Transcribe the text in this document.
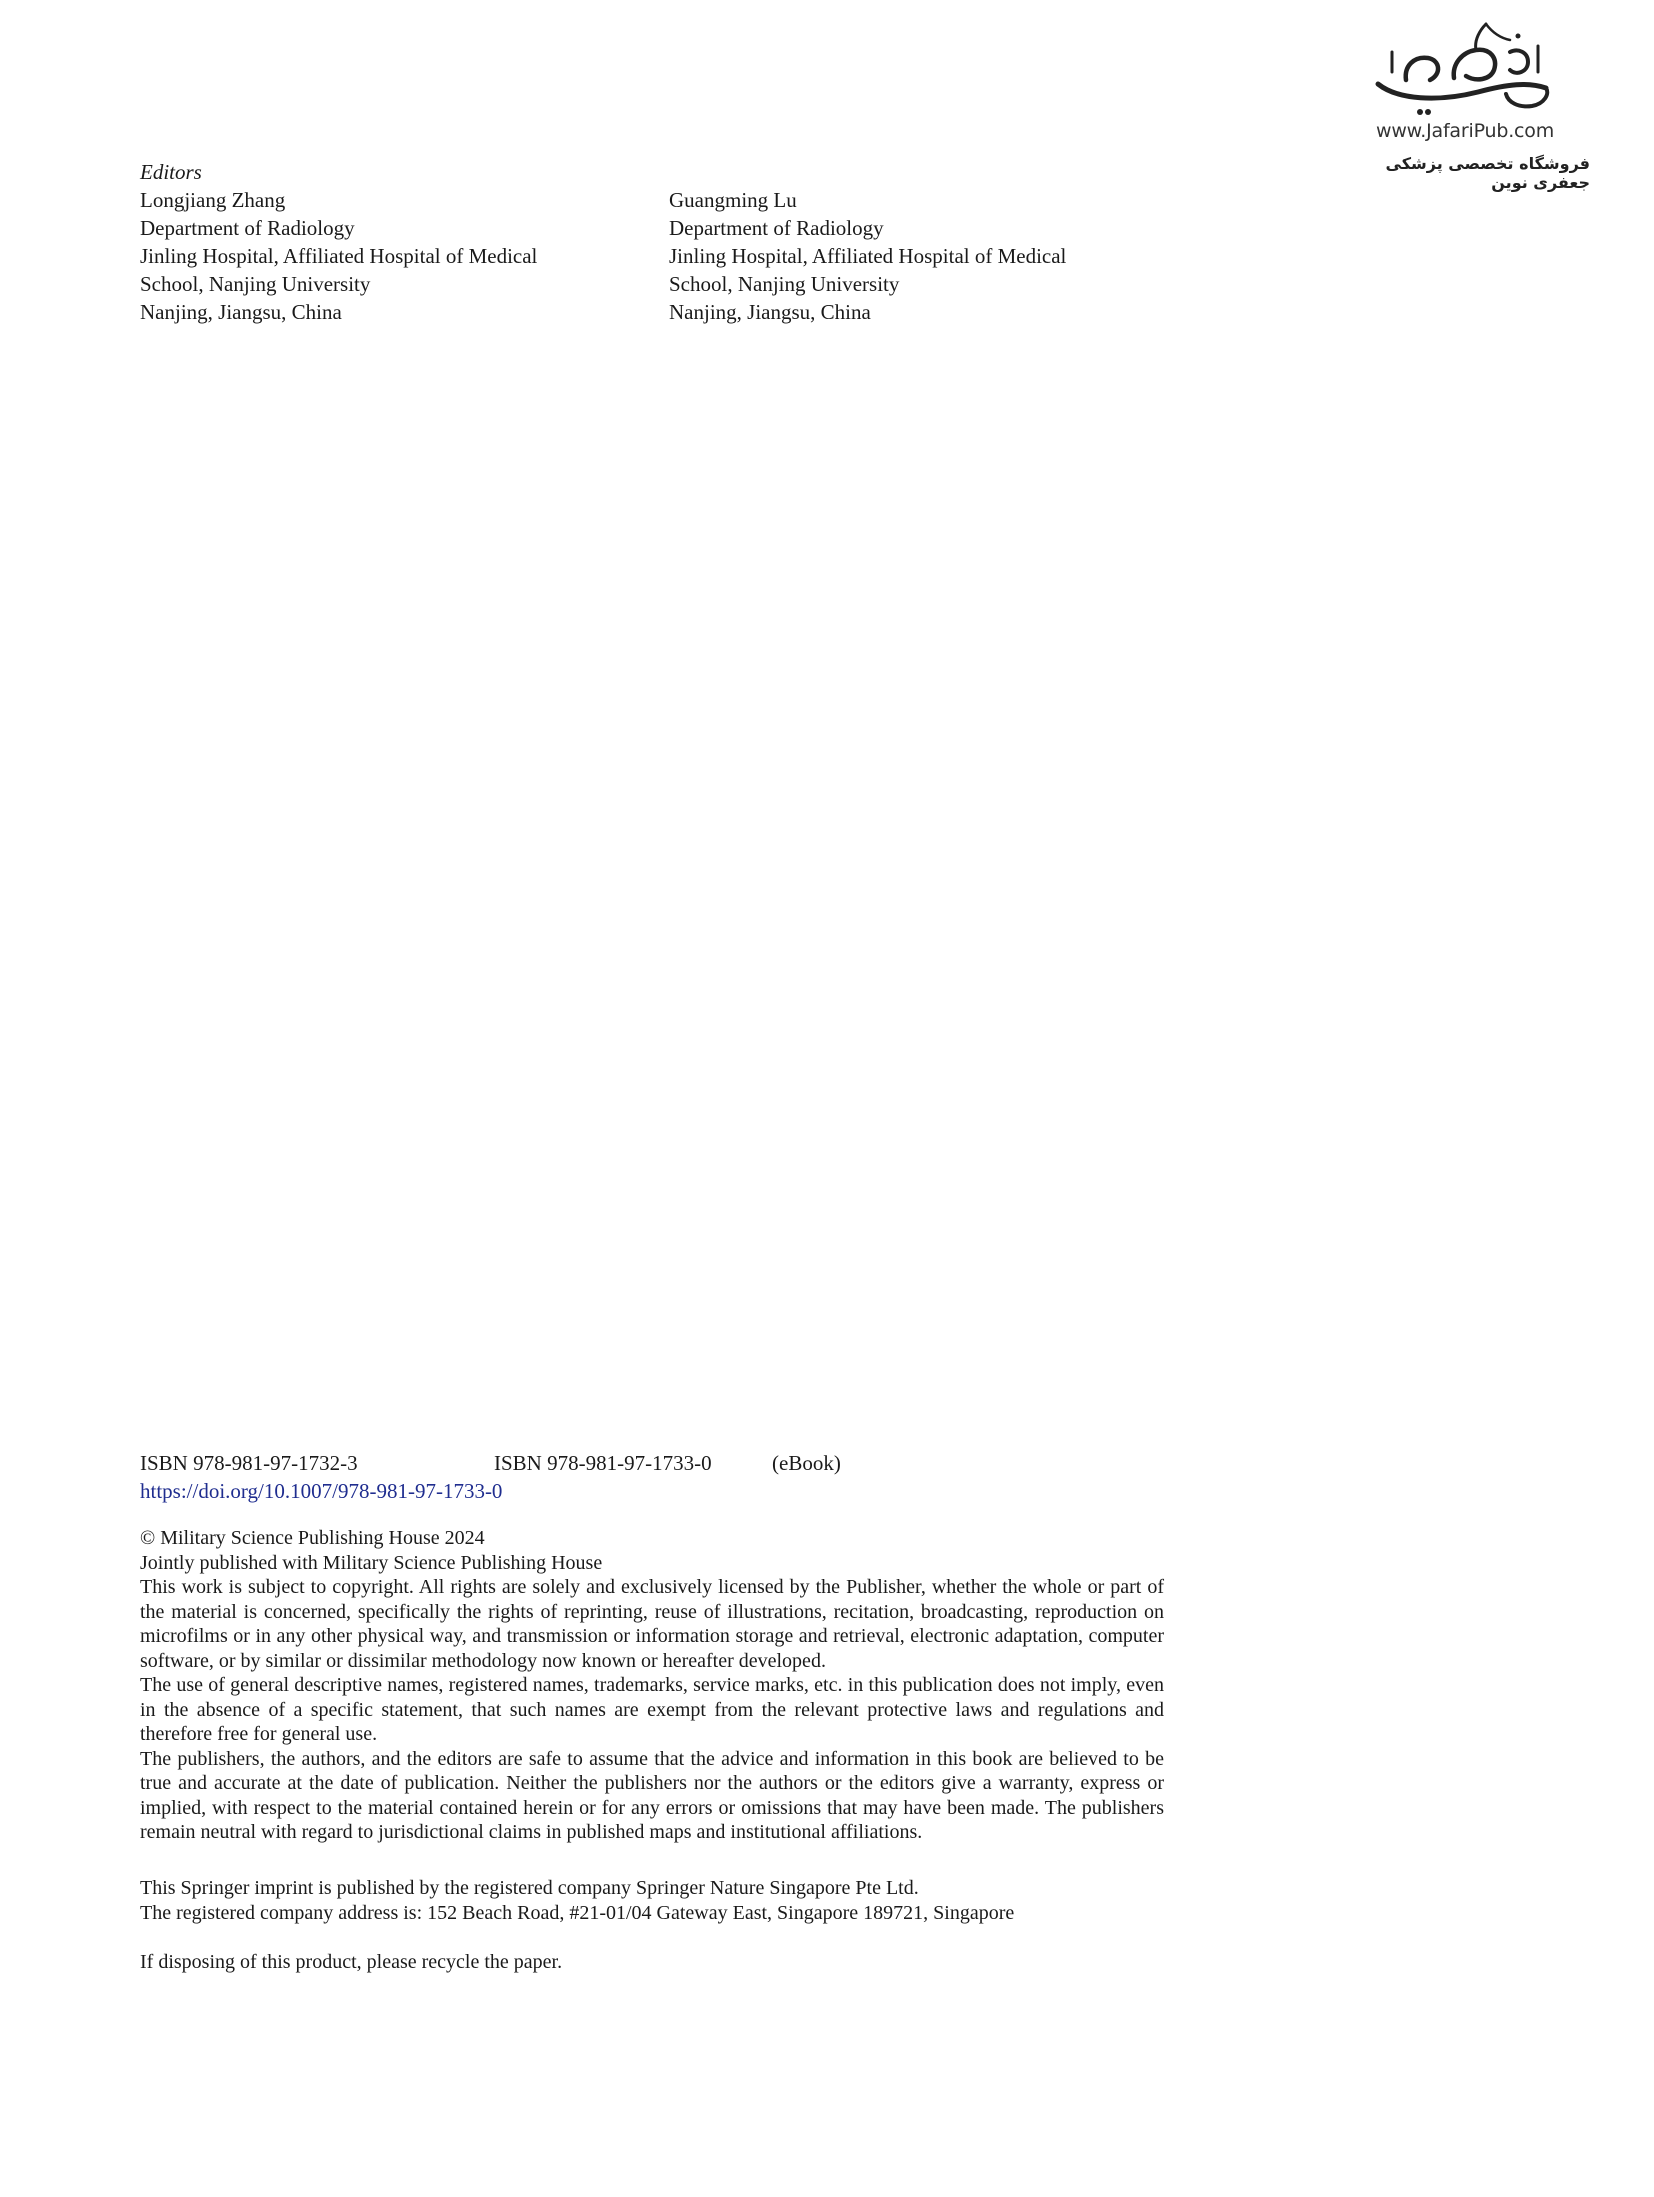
www.JafariPub.com
فروشگاه تخصصی پزشکی جعفری نوین
Editors
Longjiang Zhang
Department of Radiology
Jinling Hospital, Affiliated Hospital of Medical
School, Nanjing University
Nanjing, Jiangsu, China
Guangming Lu
Department of Radiology
Jinling Hospital, Affiliated Hospital of Medical
School, Nanjing University
Nanjing, Jiangsu, China
ISBN 978-981-97-1732-3	ISBN 978-981-97-1733-0	(eBook)
https://doi.org/10.1007/978-981-97-1733-0
© Military Science Publishing House 2024
Jointly published with Military Science Publishing House
This work is subject to copyright. All rights are solely and exclusively licensed by the Publisher, whether the whole or part of the material is concerned, specifically the rights of reprinting, reuse of illustrations, recitation, broadcasting, reproduction on microfilms or in any other physical way, and transmission or information storage and retrieval, electronic adaptation, computer software, or by similar or dissimilar methodology now known or hereafter developed.
The use of general descriptive names, registered names, trademarks, service marks, etc. in this publication does not imply, even in the absence of a specific statement, that such names are exempt from the relevant protective laws and regulations and therefore free for general use.
The publishers, the authors, and the editors are safe to assume that the advice and information in this book are believed to be true and accurate at the date of publication. Neither the publishers nor the authors or the editors give a warranty, express or implied, with respect to the material contained herein or for any errors or omissions that may have been made. The publishers remain neutral with regard to jurisdictional claims in published maps and institutional affiliations.
This Springer imprint is published by the registered company Springer Nature Singapore Pte Ltd.
The registered company address is: 152 Beach Road, #21-01/04 Gateway East, Singapore 189721, Singapore
If disposing of this product, please recycle the paper.
